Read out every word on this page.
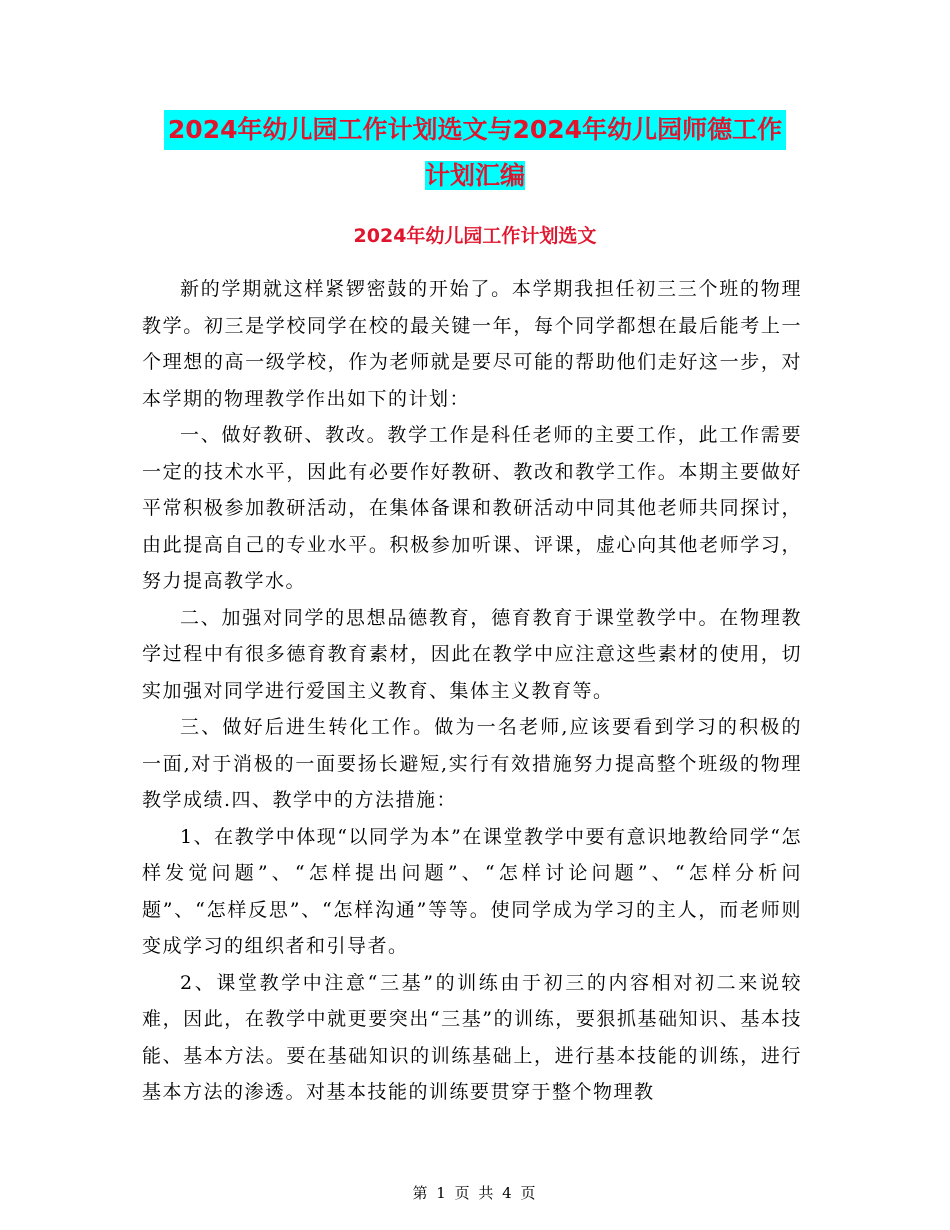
2024年幼儿园工作计划选文与2024年幼儿园师德工作
计划汇编
2024年幼儿园工作计划选文

新的学期就这样紧锣密鼓的开始了。本学期我担任初三三个班的物理教学。初三是学校同学在校的最关键一年，每个同学都想在最后能考上一个理想的高一级学校，作为老师就是要尽可能的帮助他们走好这一步，对本学期的物理教学作出如下的计划：

一、做好教研、教改。教学工作是科任老师的主要工作，此工作需要一定的技术水平，因此有必要作好教研、教改和教学工作。本期主要做好平常积极参加教研活动，在集体备课和教研活动中同其他老师共同探讨，由此提高自己的专业水平。积极参加听课、评课，虚心向其他老师学习，努力提高教学水。

二、加强对同学的思想品德教育，德育教育于课堂教学中。在物理教学过程中有很多德育教育素材，因此在教学中应注意这些素材的使用，切实加强对同学进行爱国主义教育、集体主义教育等。

三、做好后进生转化工作。做为一名老师,应该要看到学习的积极的一面,对于消极的一面要扬长避短,实行有效措施努力提高整个班级的物理教学成绩.四、教学中的方法措施：

1、在教学中体现“以同学为本”在课堂教学中要有意识地教给同学“怎样发觉问题”、“怎样提出问题”、“怎样讨论问题”、“怎样分析问题”、“怎样反思”、“怎样沟通”等等。使同学成为学习的主人，而老师则变成学习的组织者和引导者。

2、课堂教学中注意“三基”的训练由于初三的内容相对初二来说较难，因此，在教学中就更要突出“三基”的训练，要狠抓基础知识、基本技能、基本方法。要在基础知识的训练基础上，进行基本技能的训练，进行基本方法的渗透。对基本技能的训练要贯穿于整个物理教

第 1 页 共 4 页
